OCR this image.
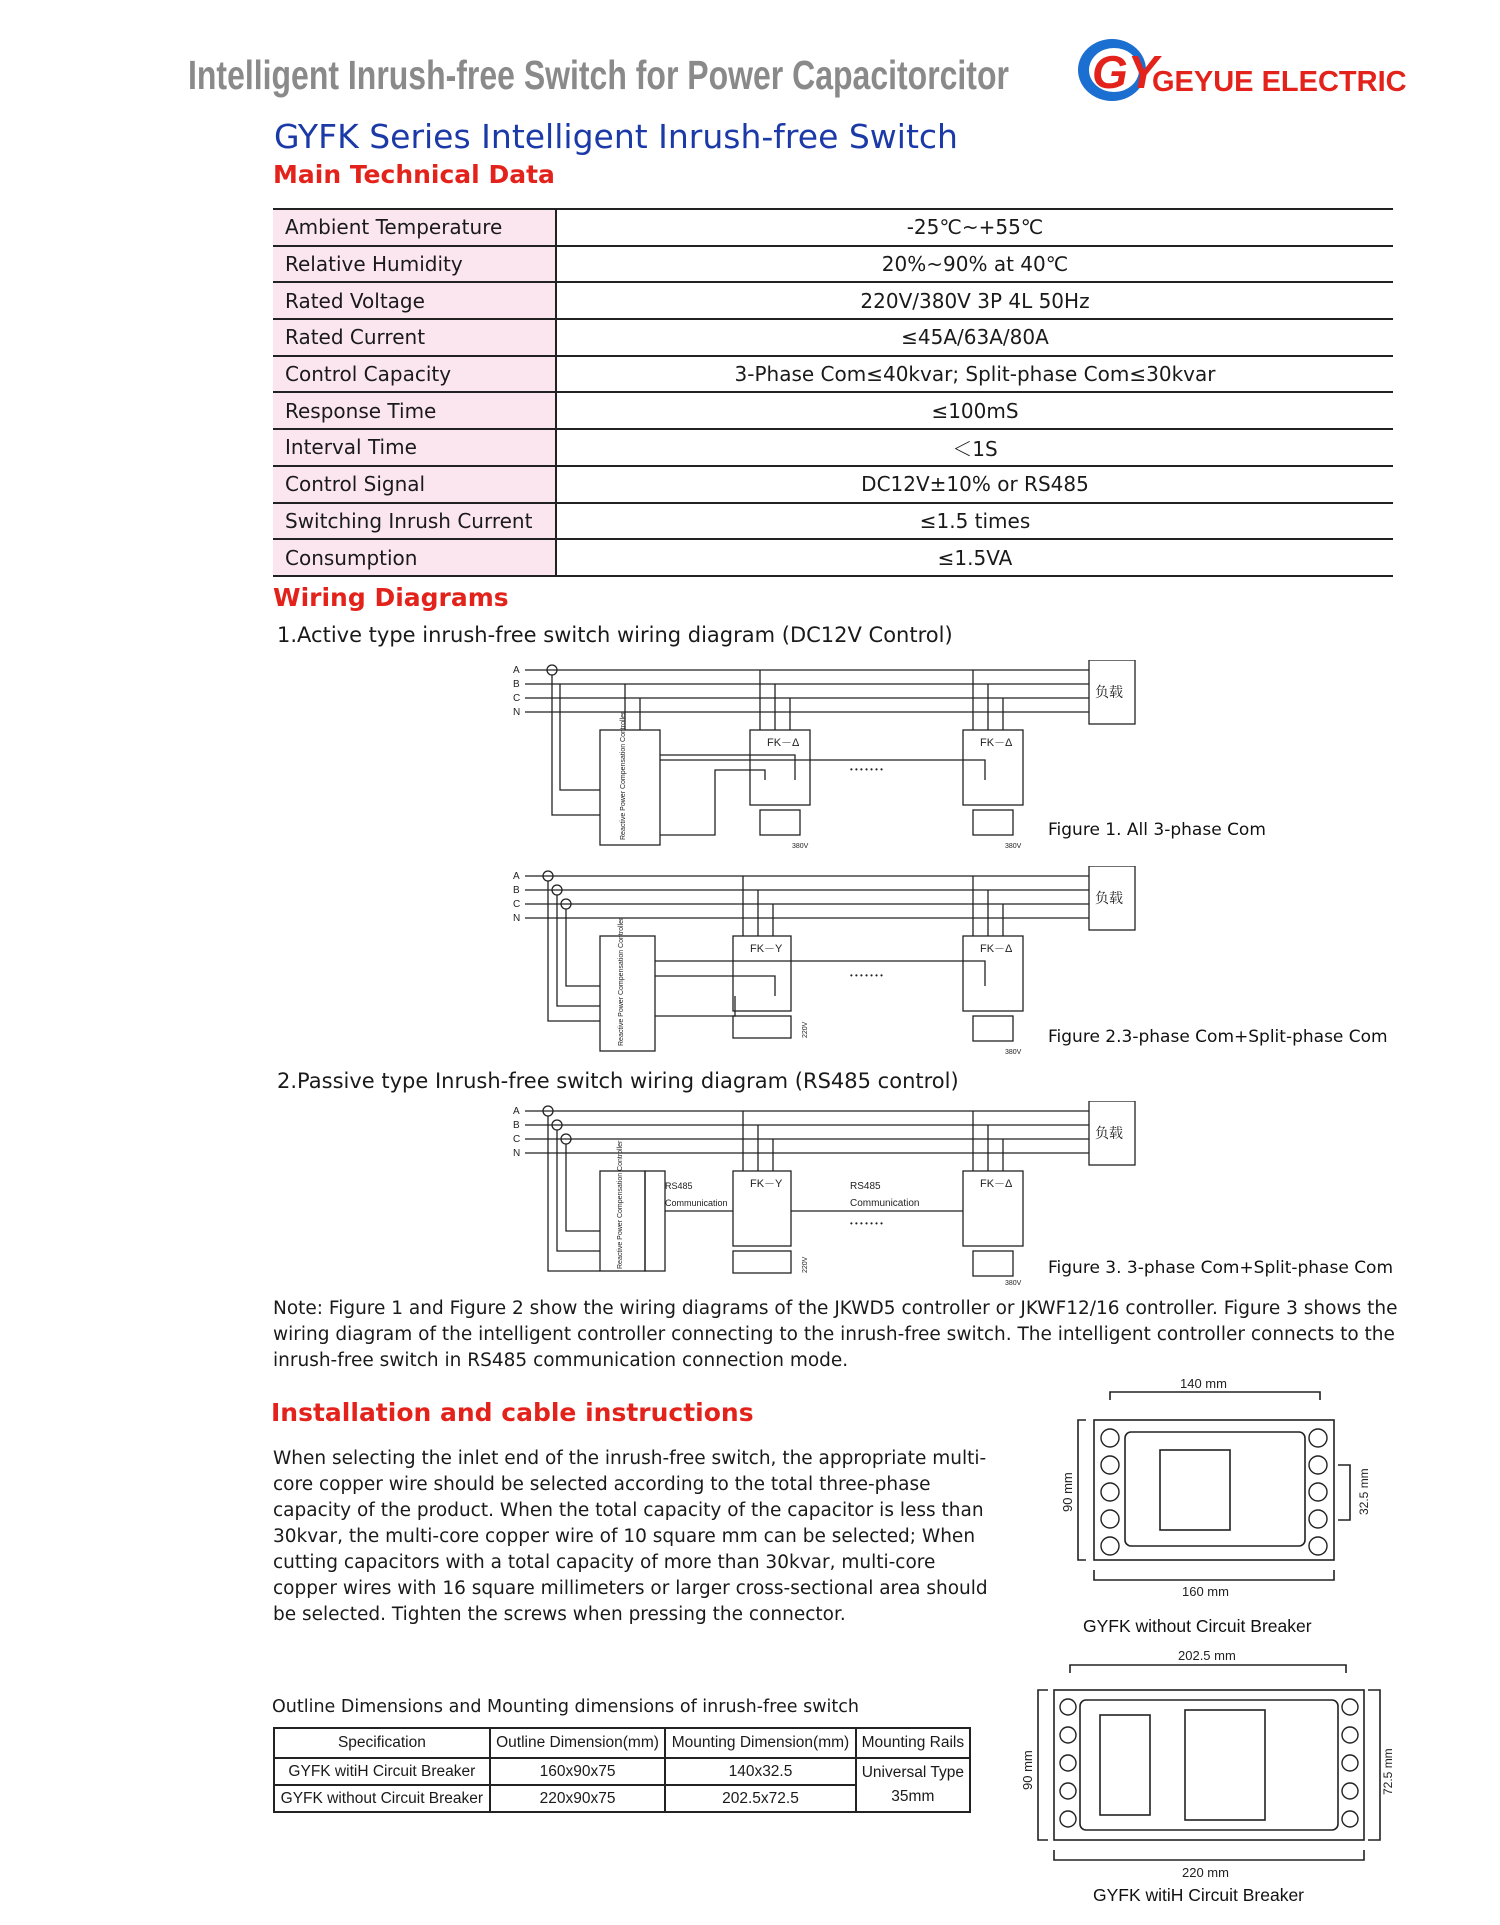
Intelligent Inrush-free Switch for Power Capacitorcitor GY
GEYUE ELECTRIC
GYFK Series Intelligent Inrush-free Switch
Main Technical Data
Ambient Temperature	-25℃~+55℃
Relative Humidity	20%~90% at 40℃
Rated Voltage	220V/380V 3P 4L 50Hz
Rated Current	≤45A/63A/80A
Control Capacity	3-Phase Com≤40kvar; Split-phase Com≤30kvar
Response Time	≤100mS
Interval Time	＜1S
Control Signal	DC12V±10% or RS485
Switching Inrush Current	≤1.5 times
Consumption	≤1.5VA
Wiring Diagrams
1.Active type inrush-free switch wiring diagram (DC12V Control)
2.Passive type Inrush-free switch wiring diagram (RS485 control)
A
B
C
N
负载
Reactive Power Compensation Controller	FK－Δ	FK－Δ
• • • • • • •
380V	380V
Figure 1. All 3-phase Com
A
B
C
N
负载
Reactive Power Compensation Controller	FK－Y	FK－Δ
• • • • • • •
220V
380V
Figure 2.3-phase Com+Split-phase Com
A
B
C
N
负载
Reactive Power Compensation Controller	RS485
Communication
FK－Y	RS485
Communication
• • • • • • •
FK－Δ
220V
380V
Figure 3. 3-phase Com+Split-phase Com
Note: Figure 1 and Figure 2 show the wiring diagrams of the JKWD5 controller or JKWF12/16 controller. Figure 3 shows the wiring diagram of the intelligent controller connecting to the inrush-free switch. The intelligent controller connects to the inrush-free switch in RS485 communication connection mode.
Installation and cable instructions
When selecting the inlet end of the inrush-free switch, the appropriate multi-core copper wire should be selected according to the total three-phase capacity of the product. When the total capacity of the capacitor is less than 30kvar, the multi-core copper wire of 10 square mm can be selected; When cutting capacitors with a total capacity of more than 30kvar, multi-core copper wires with 16 square millimeters or larger cross-sectional area should be selected. Tighten the screws when pressing the connector.
Outline Dimensions and Mounting dimensions of inrush-free switch
Specification	Outline Dimension(mm)	Mounting Dimension(mm)	Mounting Rails
GYFK witiH Circuit Breaker	160x90x75	140x32.5	Universal Type
35mm

GYFK without Circuit Breaker	220x90x75	202.5x72.5	
140 mm
90 mm	32.5 mm
160 mm
GYFK without Circuit Breaker
202.5 mm
90 mm	72.5 mm
220 mm
GYFK witiH Circuit Breaker
